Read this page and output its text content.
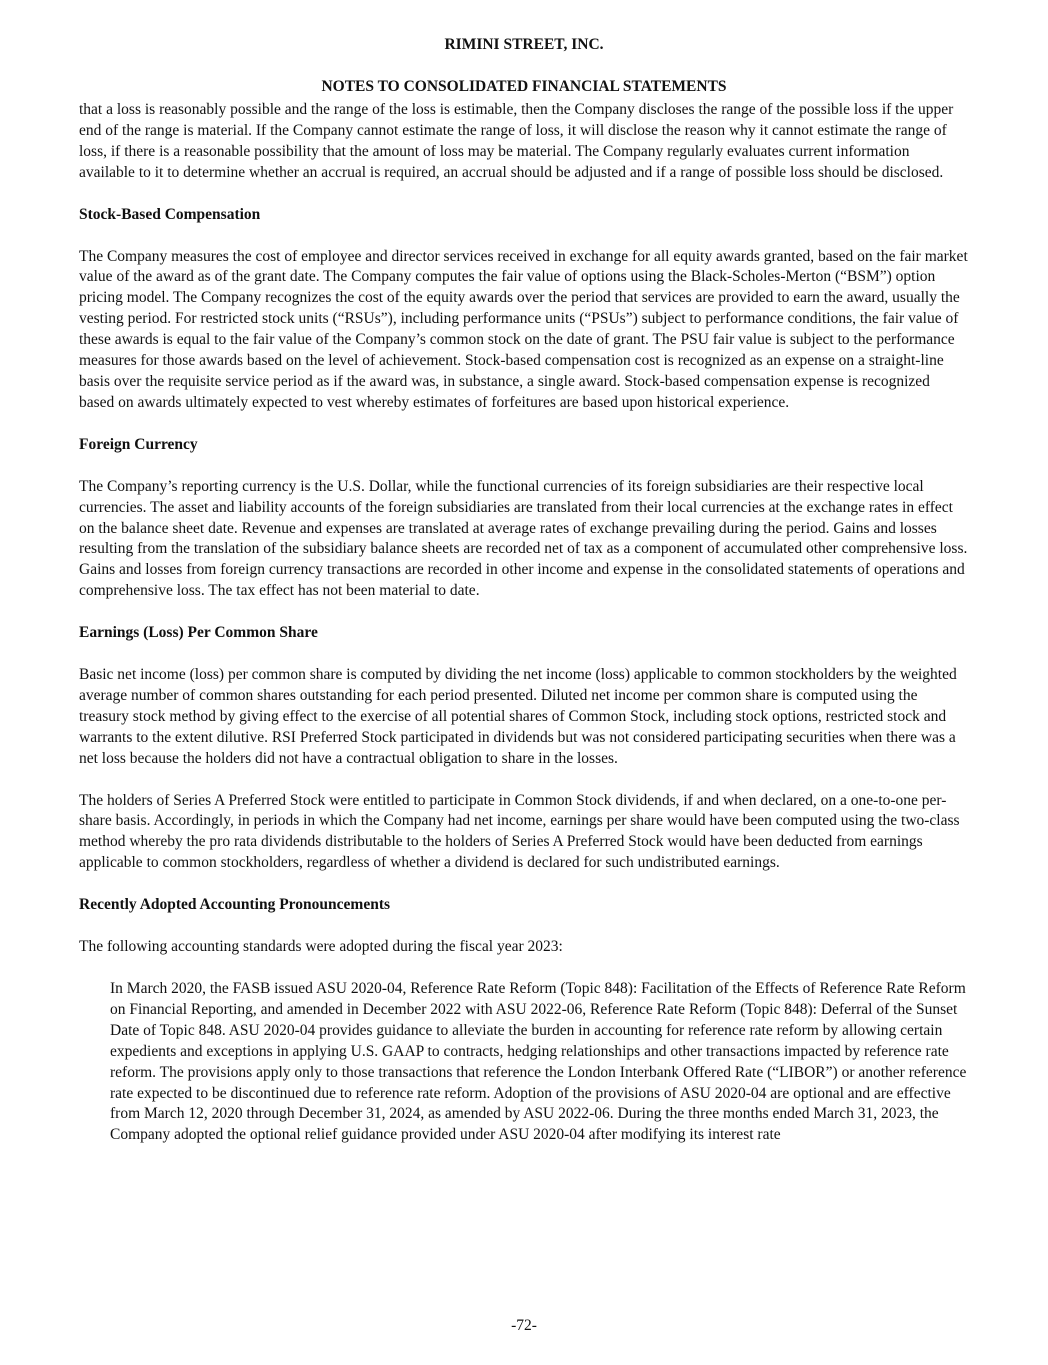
RIMINI STREET, INC.
NOTES TO CONSOLIDATED FINANCIAL STATEMENTS

that a loss is reasonably possible and the range of the loss is estimable, then the Company discloses the range of the possible loss if the upper end of the range is material. If the Company cannot estimate the range of loss, it will disclose the reason why it cannot estimate the range of loss, if there is a reasonable possibility that the amount of loss may be material. The Company regularly evaluates current information available to it to determine whether an accrual is required, an accrual should be adjusted and if a range of possible loss should be disclosed.

Stock-Based Compensation

The Company measures the cost of employee and director services received in exchange for all equity awards granted, based on the fair market value of the award as of the grant date. The Company computes the fair value of options using the Black-Scholes-Merton (“BSM”) option pricing model. The Company recognizes the cost of the equity awards over the period that services are provided to earn the award, usually the vesting period. For restricted stock units (“RSUs”), including performance units (“PSUs”) subject to performance conditions, the fair value of these awards is equal to the fair value of the Company’s common stock on the date of grant. The PSU fair value is subject to the performance measures for those awards based on the level of achievement. Stock-based compensation cost is recognized as an expense on a straight-line basis over the requisite service period as if the award was, in substance, a single award. Stock-based compensation expense is recognized based on awards ultimately expected to vest whereby estimates of forfeitures are based upon historical experience.

Foreign Currency

The Company’s reporting currency is the U.S. Dollar, while the functional currencies of its foreign subsidiaries are their respective local currencies. The asset and liability accounts of the foreign subsidiaries are translated from their local currencies at the exchange rates in effect on the balance sheet date. Revenue and expenses are translated at average rates of exchange prevailing during the period. Gains and losses resulting from the translation of the subsidiary balance sheets are recorded net of tax as a component of accumulated other comprehensive loss. Gains and losses from foreign currency transactions are recorded in other income and expense in the consolidated statements of operations and comprehensive loss. The tax effect has not been material to date.

Earnings (Loss) Per Common Share

Basic net income (loss) per common share is computed by dividing the net income (loss) applicable to common stockholders by the weighted average number of common shares outstanding for each period presented. Diluted net income per common share is computed using the treasury stock method by giving effect to the exercise of all potential shares of Common Stock, including stock options, restricted stock and warrants to the extent dilutive. RSI Preferred Stock participated in dividends but was not considered participating securities when there was a net loss because the holders did not have a contractual obligation to share in the losses.

The holders of Series A Preferred Stock were entitled to participate in Common Stock dividends, if and when declared, on a one-to-one per-share basis. Accordingly, in periods in which the Company had net income, earnings per share would have been computed using the two-class method whereby the pro rata dividends distributable to the holders of Series A Preferred Stock would have been deducted from earnings applicable to common stockholders, regardless of whether a dividend is declared for such undistributed earnings.

Recently Adopted Accounting Pronouncements

The following accounting standards were adopted during the fiscal year 2023:

In March 2020, the FASB issued ASU 2020-04, Reference Rate Reform (Topic 848): Facilitation of the Effects of Reference Rate Reform on Financial Reporting, and amended in December 2022 with ASU 2022-06, Reference Rate Reform (Topic 848): Deferral of the Sunset Date of Topic 848. ASU 2020-04 provides guidance to alleviate the burden in accounting for reference rate reform by allowing certain expedients and exceptions in applying U.S. GAAP to contracts, hedging relationships and other transactions impacted by reference rate reform. The provisions apply only to those transactions that reference the London Interbank Offered Rate (“LIBOR”) or another reference rate expected to be discontinued due to reference rate reform. Adoption of the provisions of ASU 2020-04 are optional and are effective from March 12, 2020 through December 31, 2024, as amended by ASU 2022-06. During the three months ended March 31, 2023, the Company adopted the optional relief guidance provided under ASU 2020-04 after modifying its interest rate

-72-
